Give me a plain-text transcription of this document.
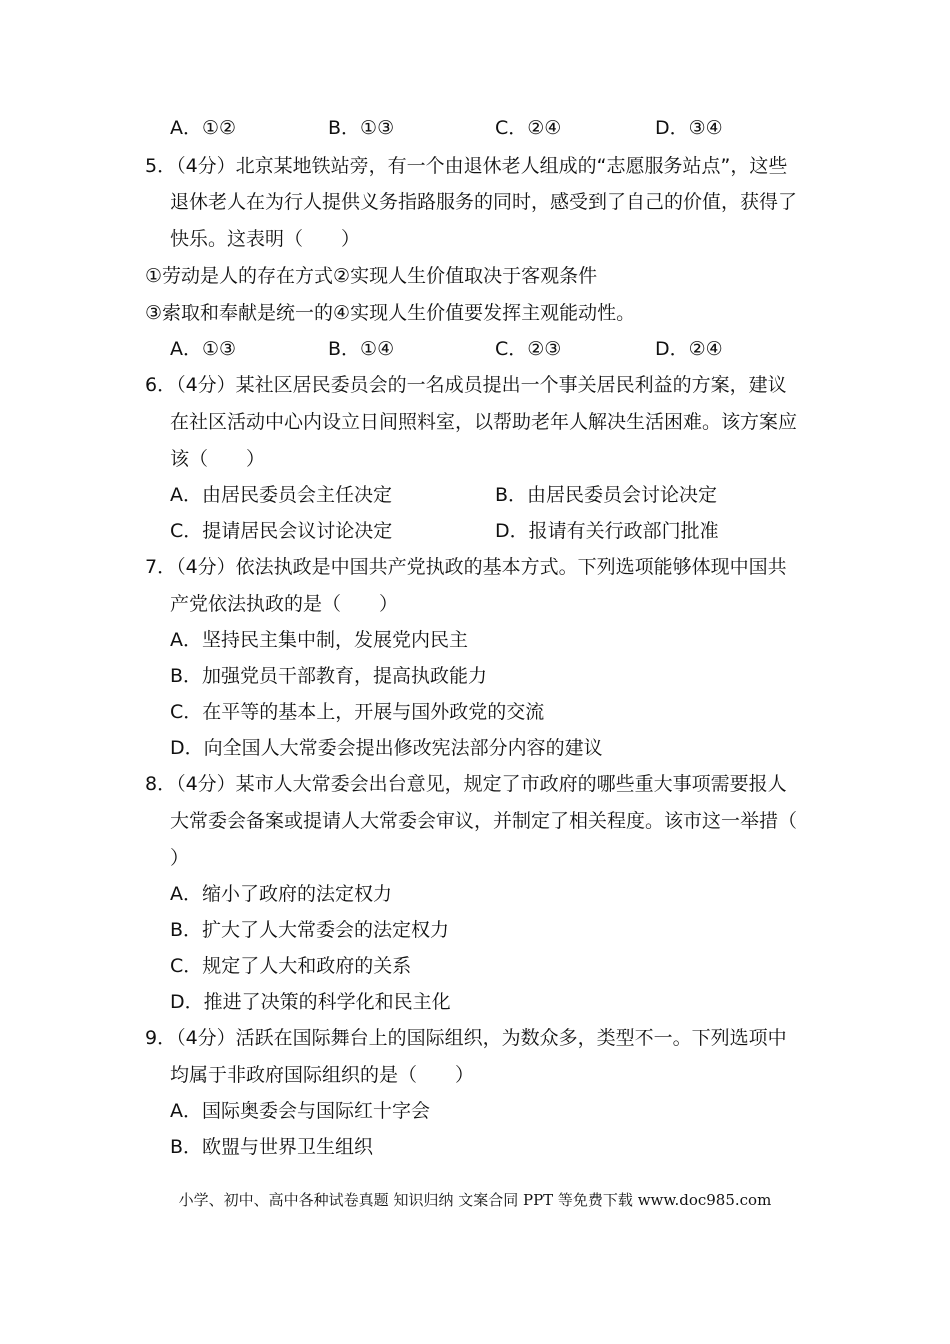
A．①②	B．①③	C．②④	D．③④
5．（4分）北京某地铁站旁，有一个由退休老人组成的“志愿服务站点”，这些
退休老人在为行人提供义务指路服务的同时，感受到了自己的价值，获得了
快乐。这表明（　　）
①劳动是人的存在方式②实现人生价值取决于客观条件
③索取和奉献是统一的④实现人生价值要发挥主观能动性。
A．①③	B．①④	C．②③	D．②④
6．（4分）某社区居民委员会的一名成员提出一个事关居民利益的方案，建议
在社区活动中心内设立日间照料室，以帮助老年人解决生活困难。该方案应
该（　　）
A．由居民委员会主任决定	B．由居民委员会讨论决定
C．提请居民会议讨论决定	D．报请有关行政部门批准
7．（4分）依法执政是中国共产党执政的基本方式。下列选项能够体现中国共
产党依法执政的是（　　）
A．坚持民主集中制，发展党内民主
B．加强党员干部教育，提高执政能力
C．在平等的基本上，开展与国外政党的交流
D．向全国人大常委会提出修改宪法部分内容的建议
8．（4分）某市人大常委会出台意见，规定了市政府的哪些重大事项需要报人
大常委会备案或提请人大常委会审议，并制定了相关程度。该市这一举措（
）
A．缩小了政府的法定权力
B．扩大了人大常委会的法定权力
C．规定了人大和政府的关系
D．推进了决策的科学化和民主化
9．（4分）活跃在国际舞台上的国际组织，为数众多，类型不一。下列选项中
均属于非政府国际组织的是（　　）
A．国际奥委会与国际红十字会
B．欧盟与世界卫生组织
小学、初中、高中各种试卷真题 知识归纳 文案合同 PPT 等免费下载 www.doc985.com
